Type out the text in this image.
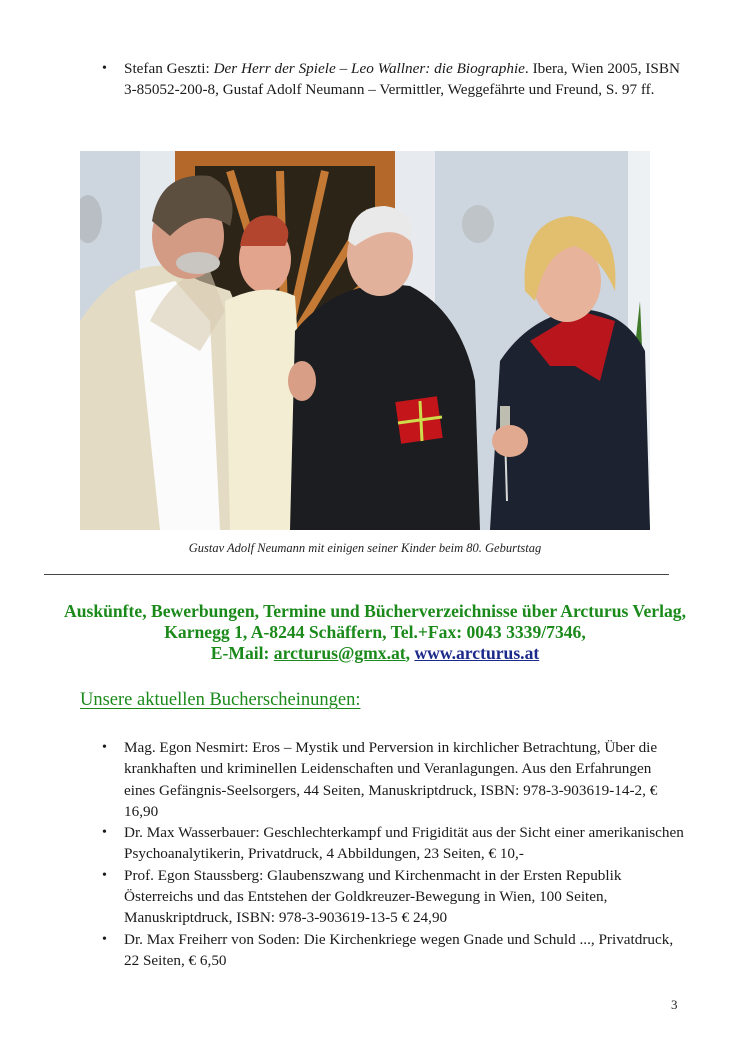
• Stefan Geszti: Der Herr der Spiele – Leo Wallner: die Biographie. Ibera, Wien 2005, ISBN 3-85052-200-8, Gustaf Adolf Neumann – Vermittler, Weggefährte und Freund, S. 97 ff.
Gustav Adolf Neumann mit einigen seiner Kinder beim 80. Geburtstag
Auskünfte, Bewerbungen, Termine und Bücherverzeichnisse über Arcturus Verlag,
Karnegg 1, A-8244 Schäffern, Tel.+Fax: 0043 3339/7346,
E-Mail: arcturus@gmx.at, www.arcturus.at
Unsere aktuellen Bucherscheinungen:
• Mag. Egon Nesmirt: Eros – Mystik und Perversion in kirchlicher Betrachtung, Über die krankhaften und kriminellen Leidenschaften und Veranlagungen. Aus den Erfahrungen eines Gefängnis-Seelsorgers, 44 Seiten, Manuskriptdruck, ISBN: 978-3-903619-14-2, € 16,90
• Dr. Max Wasserbauer: Geschlechterkampf und Frigidität aus der Sicht einer amerikanischen Psychoanalytikerin, Privatdruck, 4 Abbildungen, 23 Seiten, € 10,-
• Prof. Egon Staussberg: Glaubenszwang und Kirchenmacht in der Ersten Republik Österreichs und das Entstehen der Goldkreuzer-Bewegung in Wien, 100 Seiten, Manuskriptdruck, ISBN: 978-3-903619-13-5 € 24,90
• Dr. Max Freiherr von Soden: Die Kirchenkriege wegen Gnade und Schuld ..., Privatdruck, 22 Seiten, € 6,50
3
